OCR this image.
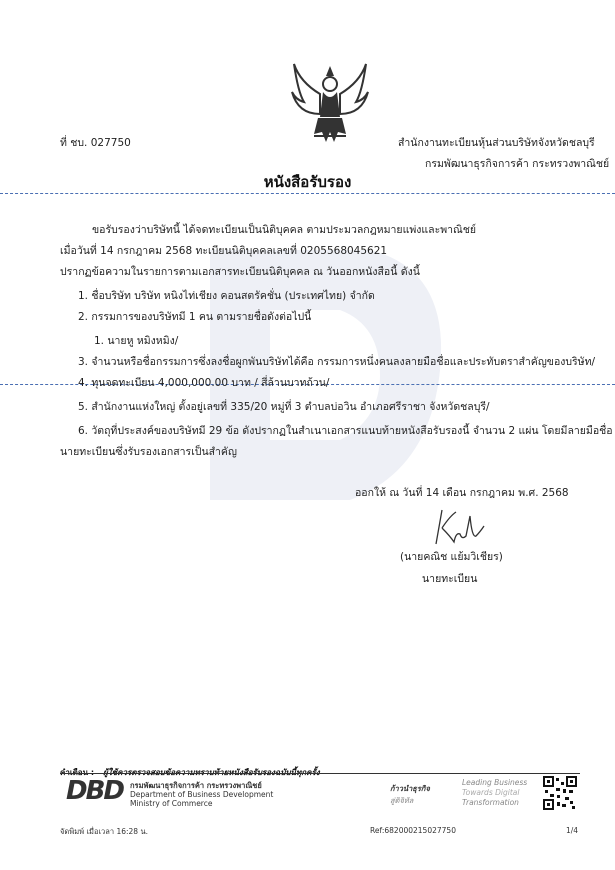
ที่ ชบ. 027750	สำนักงานทะเบียนหุ้นส่วนบริษัทจังหวัดชลบุรี
กรมพัฒนาธุรกิจการค้า กระทรวงพาณิชย์
หนังสือรับรอง
ขอรับรองว่าบริษัทนี้ ได้จดทะเบียนเป็นนิติบุคคล ตามประมวลกฎหมายแพ่งและพาณิชย์
เมื่อวันที่ 14 กรกฎาคม 2568 ทะเบียนนิติบุคคลเลขที่ 0205568045621
ปรากฏข้อความในรายการตามเอกสารทะเบียนนิติบุคคล ณ วันออกหนังสือนี้ ดังนี้
1. ชื่อบริษัท บริษัท หนิงไท่เชียง คอนสตรัคชั่น (ประเทศไทย) จำกัด
2. กรรมการของบริษัทมี 1 คน ตามรายชื่อดังต่อไปนี้
1. นายหู หมิงหมิง/
3. จำนวนหรือชื่อกรรมการซึ่งลงชื่อผูกพันบริษัทได้คือ กรรมการหนึ่งคนลงลายมือชื่อและประทับตราสำคัญของบริษัท/
4. ทุนจดทะเบียน 4,000,000.00 บาท / สี่ล้านบาทถ้วน/
5. สำนักงานแห่งใหญ่ ตั้งอยู่เลขที่ 335/20 หมู่ที่ 3 ตำบลบ่อวิน อำเภอศรีราชา จังหวัดชลบุรี/
6. วัตถุที่ประสงค์ของบริษัทมี 29 ข้อ ดังปรากฏในสำเนาเอกสารแนบท้ายหนังสือรับรองนี้ จำนวน 2 แผ่น โดยมีลายมือชื่อ
นายทะเบียนซึ่งรับรองเอกสารเป็นสำคัญ
ออกให้ ณ วันที่ 14 เดือน กรกฎาคม พ.ศ. 2568
(นายคณิช แย้มวิเชียร)
นายทะเบียน
DBD กรมพัฒนาธุรกิจการค้า กระทรวงพาณิชย์
Department of Business Development
Ministry of Commerce
ก้าวนำธุรกิจ
สู่ดิจิทัล
Leading Business
Towards Digital
Transformation
จัดพิมพ์ เมื่อเวลา 16:28 น.	Ref:682000215027750	1/4
